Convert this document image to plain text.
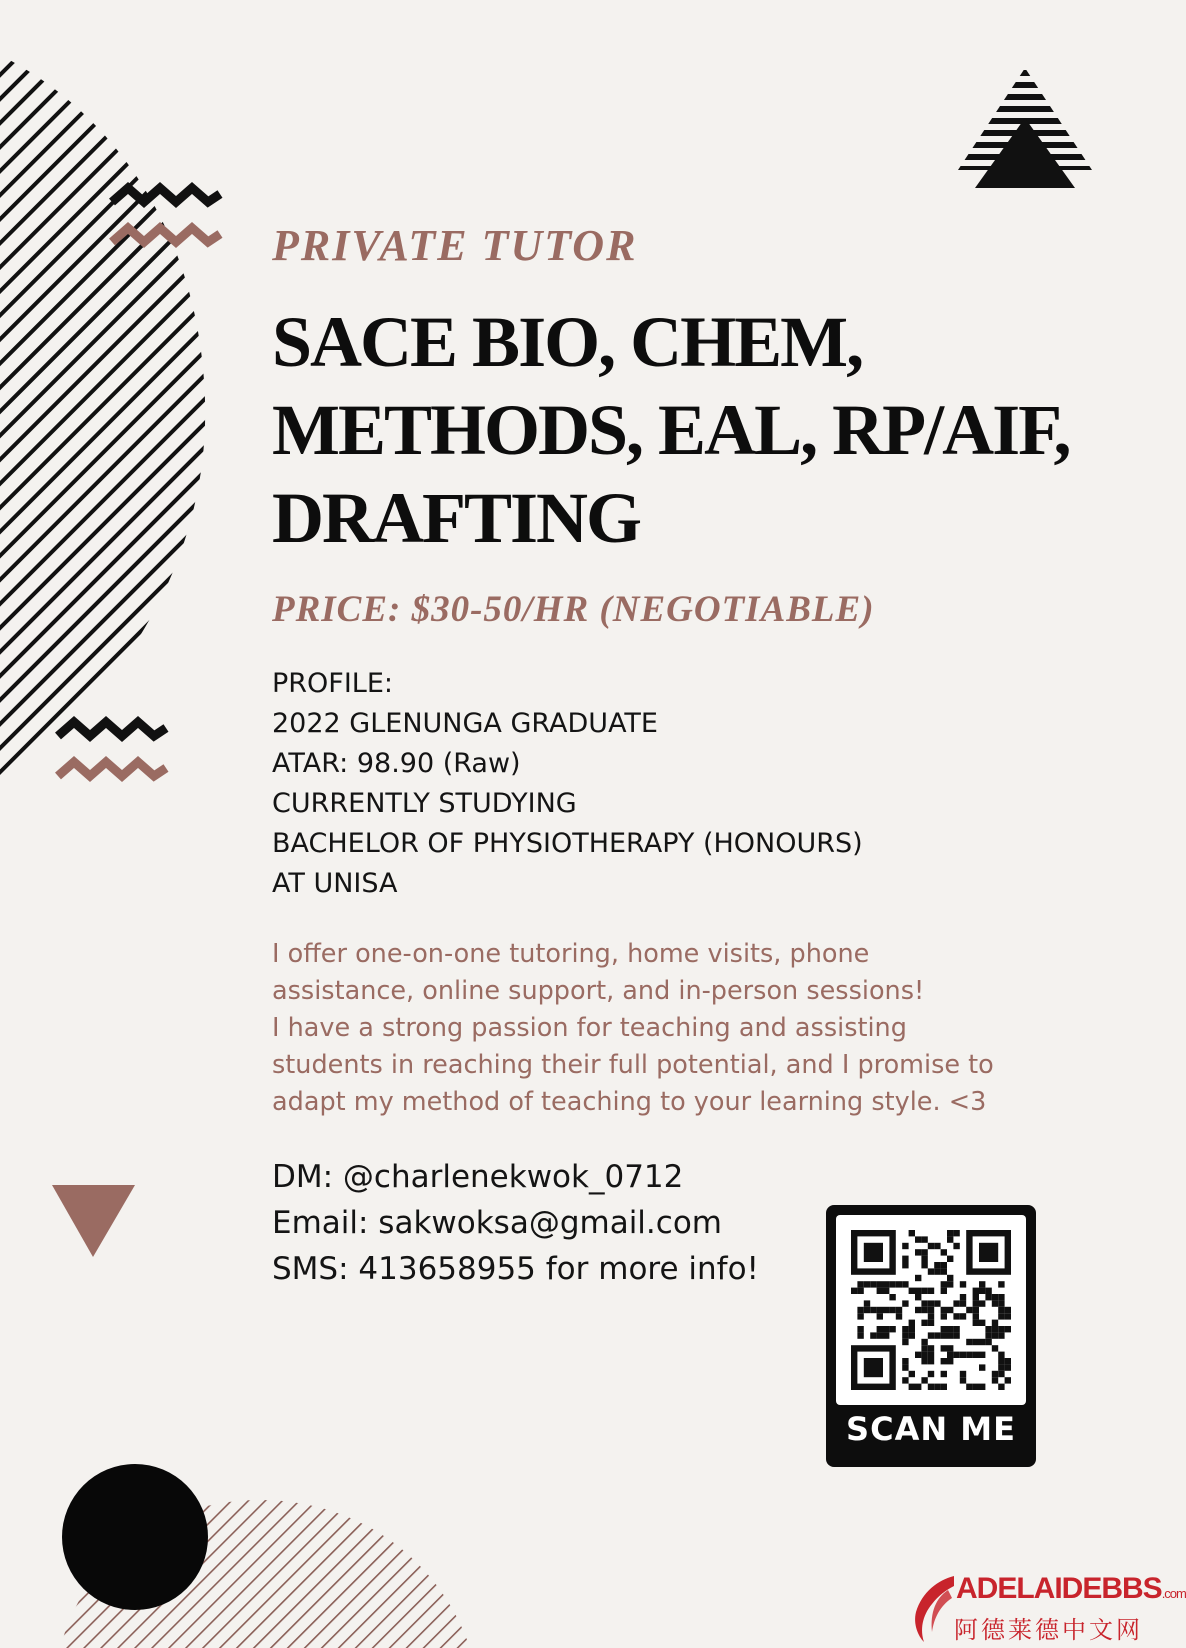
PRIVATE TUTOR
SACE BIO, CHEM,
METHODS, EAL, RP/AIF,
DRAFTING
PRICE: $30-50/HR (NEGOTIABLE)
PROFILE:
2022 GLENUNGA GRADUATE
ATAR: 98.90 (Raw)
CURRENTLY STUDYING
BACHELOR OF PHYSIOTHERAPY (HONOURS)
AT UNISA
I offer one-on-one tutoring, home visits, phone
assistance, online support, and in-person sessions!
I have a strong passion for teaching and assisting
students in reaching their full potential, and I promise to
adapt my method of teaching to your learning style. <3
DM: @charlenekwok_0712
Email: sakwoksa@gmail.com
SMS: 413658955 for more info!
SCAN ME
ADELAIDEBBS.com
阿德莱德中文网
